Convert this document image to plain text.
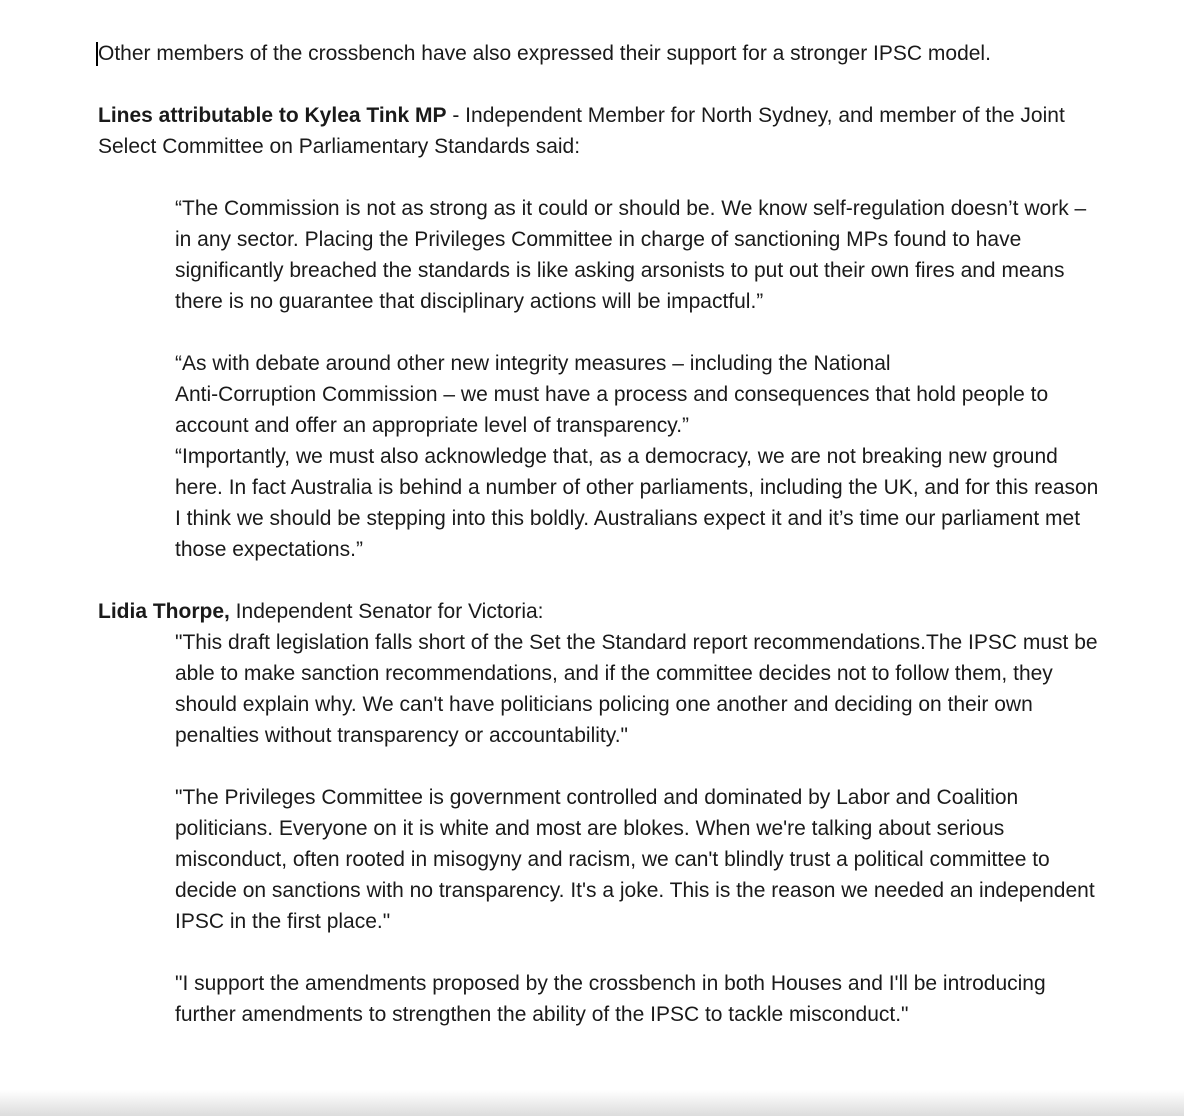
Other members of the crossbench have also expressed their support for a stronger IPSC model.

Lines attributable to Kylea Tink MP - Independent Member for North Sydney, and member of the Joint Select Committee on Parliamentary Standards said:

“The Commission is not as strong as it could or should be. We know self-regulation doesn’t work – in any sector. Placing the Privileges Committee in charge of sanctioning MPs found to have significantly breached the standards is like asking arsonists to put out their own fires and means there is no guarantee that disciplinary actions will be impactful.”

“As with debate around other new integrity measures – including the National
Anti-Corruption Commission – we must have a process and consequences that hold people to account and offer an appropriate level of transparency.”

“Importantly, we must also acknowledge that, as a democracy, we are not breaking new ground here. In fact Australia is behind a number of other parliaments, including the UK, and for this reason I think we should be stepping into this boldly. Australians expect it and it’s time our parliament met those expectations.”

Lidia Thorpe, Independent Senator for Victoria:

"This draft legislation falls short of the Set the Standard report recommendations.The IPSC must be able to make sanction recommendations, and if the committee decides not to follow them, they should explain why. We can't have politicians policing one another and deciding on their own penalties without transparency or accountability."

"The Privileges Committee is government controlled and dominated by Labor and Coalition politicians. Everyone on it is white and most are blokes. When we're talking about serious misconduct, often rooted in misogyny and racism, we can't blindly trust a political committee to decide on sanctions with no transparency. It's a joke. This is the reason we needed an independent IPSC in the first place."

"I support the amendments proposed by the crossbench in both Houses and I'll be introducing further amendments to strengthen the ability of the IPSC to tackle misconduct."
